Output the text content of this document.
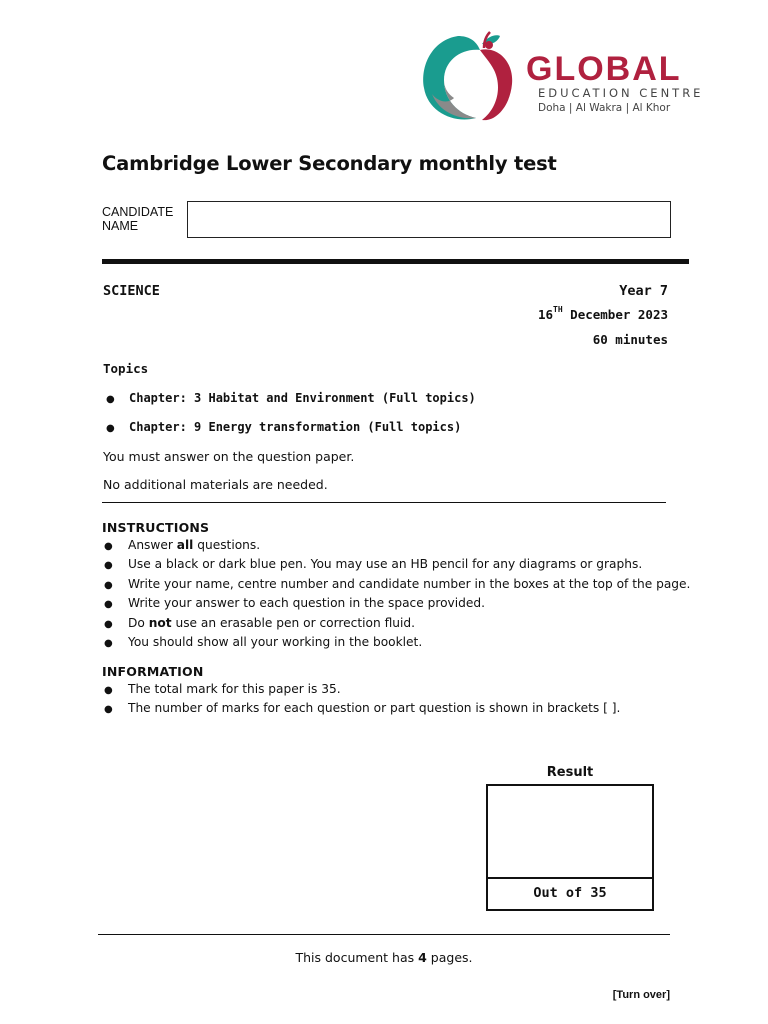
GLOBAL
EDUCATION CENTRE
Doha | Al Wakra | Al Khor
Cambridge Lower Secondary monthly test
CANDIDATE
NAME
SCIENCE	Year 7
16TH December 2023
60 minutes
Topics
● Chapter: 3 Habitat and Environment (Full topics)
● Chapter: 9 Energy transformation (Full topics)
You must answer on the question paper.
No additional materials are needed.
INSTRUCTIONS
● Answer all questions.
● Use a black or dark blue pen. You may use an HB pencil for any diagrams or graphs.
● Write your name, centre number and candidate number in the boxes at the top of the page.
● Write your answer to each question in the space provided.
● Do not use an erasable pen or correction fluid.
● You should show all your working in the booklet.
INFORMATION
● The total mark for this paper is 35.
● The number of marks for each question or part question is shown in brackets [ ].
Result
Out of 35
This document has 4 pages.
[Turn over]
